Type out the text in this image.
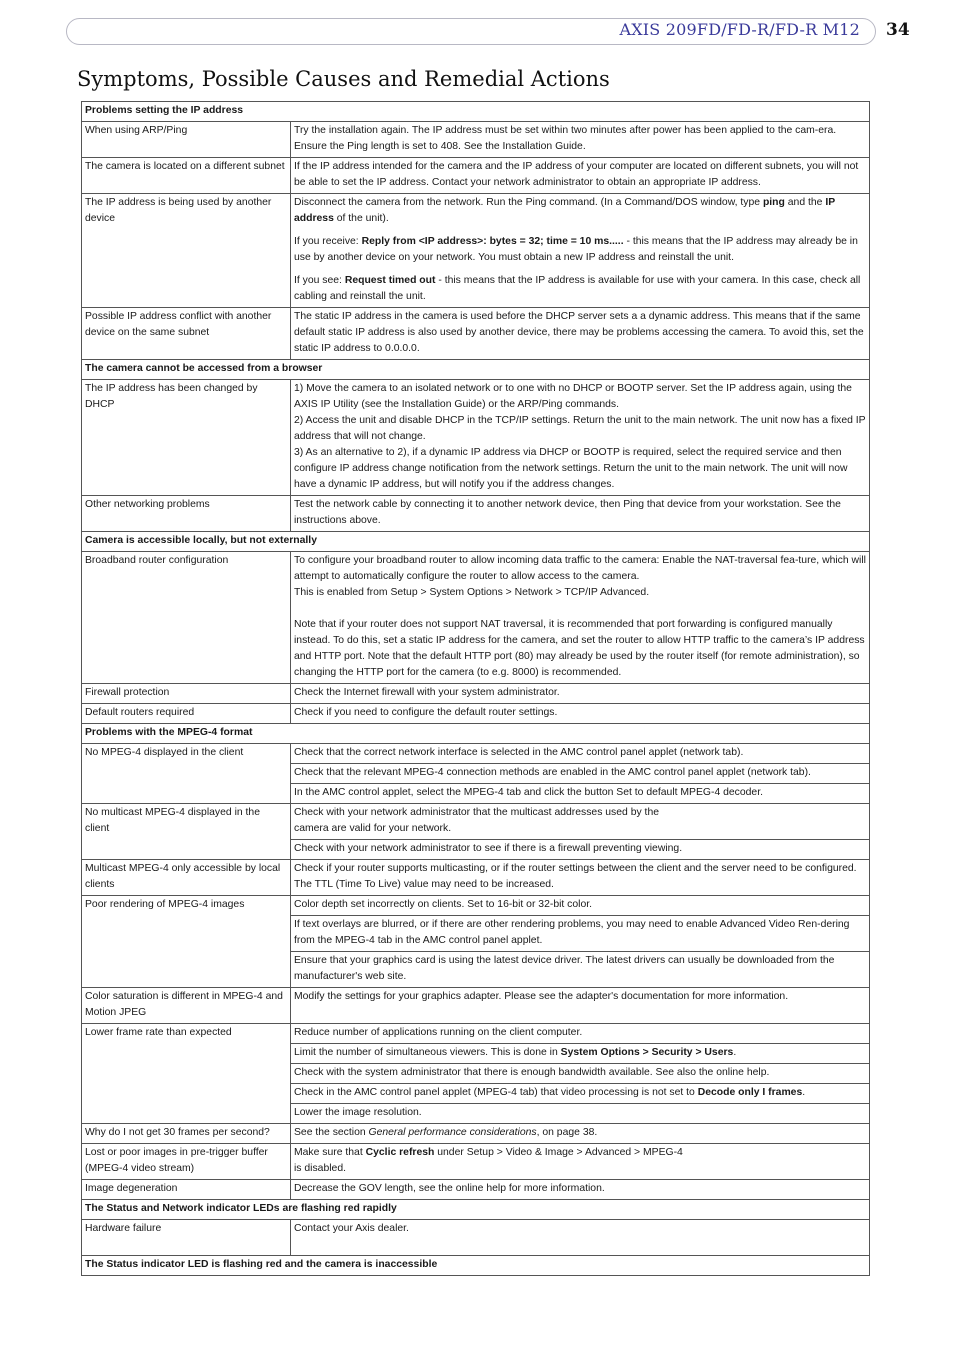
AXIS 209FD/FD-R/FD-R M12 34
Symptoms, Possible Causes and Remedial Actions
Problems setting the IP address	
When using ARP/Ping	Try the installation again. The IP address must be set within two minutes after power has been applied to the cam-era. Ensure the Ping length is set to 408. See the Installation Guide.
The camera is located on a different subnet	If the IP address intended for the camera and the IP address of your computer are located on different subnets, you will not be able to set the IP address. Contact your network administrator to obtain an appropriate IP address.
The IP address is being used by another device	Disconnect the camera from the network. Run the Ping command. (In a Command/DOS window, type ping and the IP address of the unit).

If you receive: Reply from <IP address>: bytes = 32; time = 10 ms..... - this means that the IP address may already be in use by another device on your network. You must obtain a new IP address and reinstall the unit.

If you see: Request timed out - this means that the IP address is available for use with your camera. In this case, check all cabling and reinstall the unit.

Possible IP address conflict with another device on the same subnet	The static IP address in the camera is used before the DHCP server sets a a dynamic address. This means that if the same default static IP address is also used by another device, there may be problems accessing the camera. To avoid this, set the static IP address to 0.0.0.0.
The camera cannot be accessed from a browser	
The IP address has been changed by DHCP	1) Move the camera to an isolated network or to one with no DHCP or BOOTP server. Set the IP address again, using the AXIS IP Utility (see the Installation Guide) or the ARP/Ping commands.
2) Access the unit and disable DHCP in the TCP/IP settings. Return the unit to the main network. The unit now has a fixed IP address that will not change.
3) As an alternative to 2), if a dynamic IP address via DHCP or BOOTP is required, select the required service and then configure IP address change notification from the network settings. Return the unit to the main network. The unit will now have a dynamic IP address, but will notify you if the address changes.

Other networking problems	Test the network cable by connecting it to another network device, then Ping that device from your workstation. See the instructions above.
Camera is accessible locally, but not externally	
Broadband router configuration	To configure your broadband router to allow incoming data traffic to the camera: Enable the NAT-traversal fea-ture, which will attempt to automatically configure the router to allow access to the camera.
This is enabled from Setup > System Options > Network > TCP/IP Advanced.
Note that if your router does not support NAT traversal, it is recommended that port forwarding is configured manually instead. To do this, set a static IP address for the camera, and set the router to allow HTTP traffic to the camera’s IP address and HTTP port. Note that the default HTTP port (80) may already be used by the router itself (for remote administration), so changing the HTTP port for the camera (to e.g. 8000) is recommended.

Firewall protection	Check the Internet firewall with your system administrator.
Default routers required	Check if you need to configure the default router settings.
Problems with the MPEG-4 format	
No MPEG-4 displayed in the client	Check that the correct network interface is selected in the AMC control panel applet (network tab).
	Check that the relevant MPEG-4 connection methods are enabled in the AMC control panel applet (network tab).
	In the AMC control applet, select the MPEG-4 tab and click the button Set to default MPEG-4 decoder.
No multicast MPEG-4 displayed in the client	Check with your network administrator that the multicast addresses used by the
camera are valid for your network.

	Check with your network administrator to see if there is a firewall preventing viewing.
Multicast MPEG-4 only accessible by local clients	Check if your router supports multicasting, or if the router settings between the client and the server need to be configured. The TTL (Time To Live) value may need to be increased.
Poor rendering of MPEG-4 images	Color depth set incorrectly on clients. Set to 16-bit or 32-bit color.
	If text overlays are blurred, or if there are other rendering problems, you may need to enable Advanced Video Ren-dering from the MPEG-4 tab in the AMC control panel applet.
	Ensure that your graphics card is using the latest device driver. The latest drivers can usually be downloaded from the manufacturer's web site.
Color saturation is different in MPEG-4 and Motion JPEG	Modify the settings for your graphics adapter. Please see the adapter's documentation for more information.

Lower frame rate than expected	Reduce number of applications running on the client computer.
	Limit the number of simultaneous viewers. This is done in System Options > Security > Users.
	Check with the system administrator that there is enough bandwidth available. See also the online help.
	Check in the AMC control panel applet (MPEG-4 tab) that video processing is not set to Decode only I frames.
	Lower the image resolution.
Why do I not get 30 frames per second?	See the section General performance considerations, on page 38.
Lost or poor images in pre-trigger buffer (MPEG-4 video stream)	Make sure that Cyclic refresh under Setup > Video & Image > Advanced > MPEG-4
is disabled.

Image degeneration	Decrease the GOV length, see the online help for more information.
The Status and Network indicator LEDs are flashing red rapidly	
Hardware failure	Contact your Axis dealer.

The Status indicator LED is flashing red and the camera is inaccessible	
